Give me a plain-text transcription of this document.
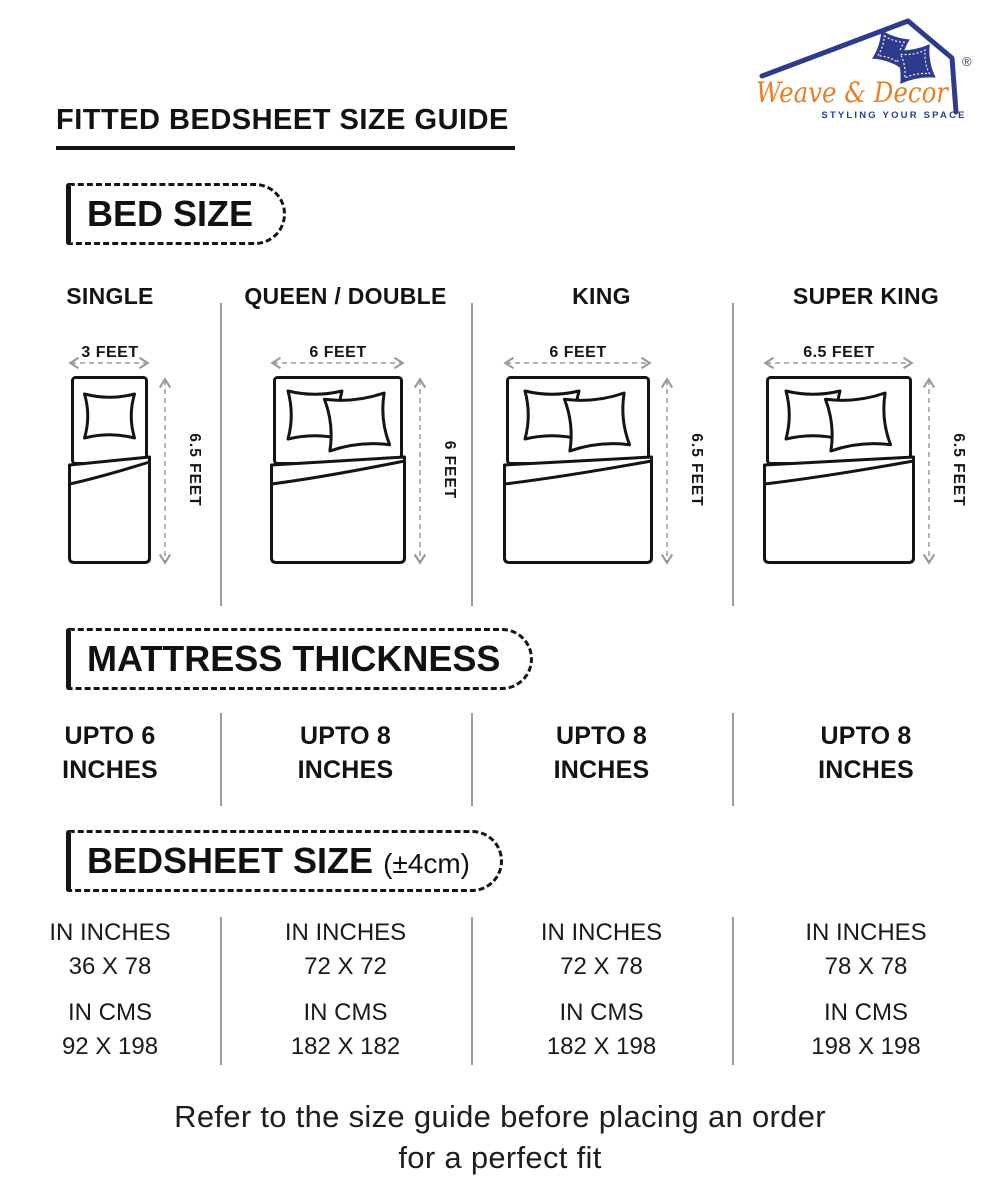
®
Weave & Decor
STYLING YOUR SPACE
FITTED BEDSHEET SIZE GUIDE
BED SIZE
MATTRESS THICKNESS
BEDSHEET SIZE (±4cm)
SINGLE
3 FEET
6.5 FEET
QUEEN / DOUBLE
6 FEET
6 FEET
KING
6 FEET
6.5 FEET
SUPER KING
6.5 FEET
6.5 FEET
UPTO 6
INCHES
UPTO 8
INCHES
UPTO 8
INCHES
UPTO 8
INCHES
IN INCHES
36 X 78
IN CMS
92 X 198
IN INCHES
72 X 72
IN CMS
182 X 182
IN INCHES
72 X 78
IN CMS
182 X 198
IN INCHES
78 X 78
IN CMS
198 X 198
Refer to the size guide before placing an order
for a perfect fit
